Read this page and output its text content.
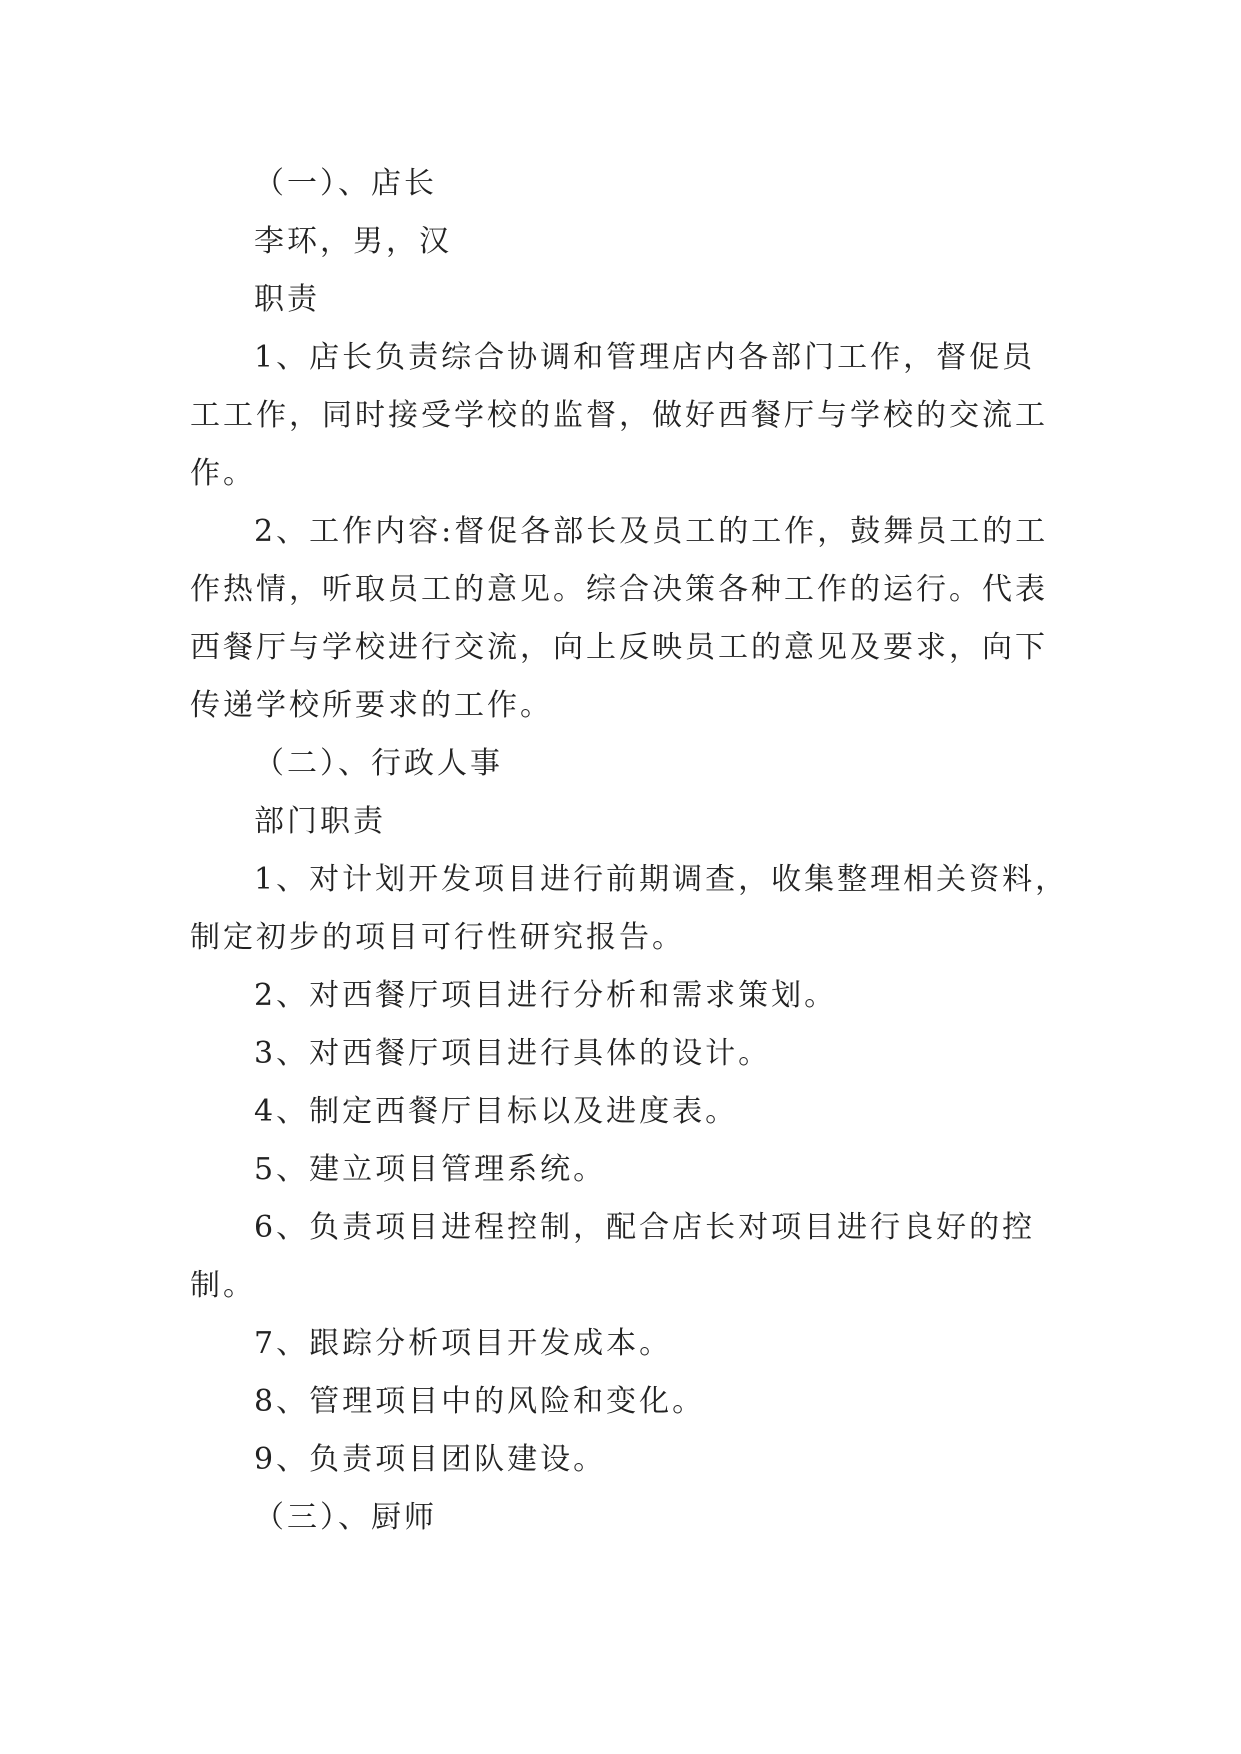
（一）、店长
李环，男，汉
职责
1、店长负责综合协调和管理店内各部门工作，督促员
工工作，同时接受学校的监督，做好西餐厅与学校的交流工
作。
2、工作内容:督促各部长及员工的工作，鼓舞员工的工
作热情，听取员工的意见。综合决策各种工作的运行。代表
西餐厅与学校进行交流，向上反映员工的意见及要求，向下
传递学校所要求的工作。
（二）、行政人事
部门职责
1、对计划开发项目进行前期调查，收集整理相关资料，
制定初步的项目可行性研究报告。
2、对西餐厅项目进行分析和需求策划。
3、对西餐厅项目进行具体的设计。
4、制定西餐厅目标以及进度表。
5、建立项目管理系统。
6、负责项目进程控制，配合店长对项目进行良好的控
制。
7、跟踪分析项目开发成本。
8、管理项目中的风险和变化。
9、负责项目团队建设。
（三）、厨师
